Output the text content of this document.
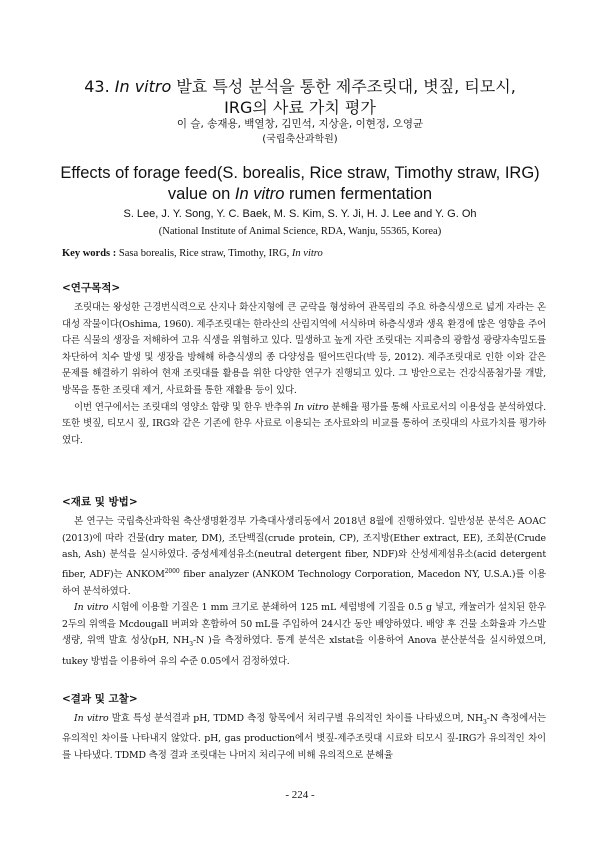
43. In vitro 발효 특성 분석을 통한 제주조릿대, 볏짚, 티모시,
IRG의 사료 가치 평가
이 슬, 송재용, 백열창, 김민석, 지상윤, 이현정, 오영균
(국립축산과학원)
Effects of forage feed(S. borealis, Rice straw, Timothy straw, IRG)
value on In vitro rumen fermentation
S. Lee, J. Y. Song, Y. C. Baek, M. S. Kim, S. Y. Ji, H. J. Lee and Y. G. Oh
(National Institute of Animal Science, RDA, Wanju, 55365, Korea)
Key words : Sasa borealis, Rice straw, Timothy, IRG, In vitro
<연구목적>

조릿대는 왕성한 근경번식력으로 산지나 화산지형에 큰 군락을 형성하여 관목림의 주요 하층식생으로 넓게 자라는 온대성 작물이다(Oshima, 1960). 제주조릿대는 한라산의 산림지역에 서식하며 하층식생과 생육 환경에 많은 영향을 주어 다른 식물의 생장을 저해하여 고유 식생을 위협하고 있다. 밀생하고 높게 자란 조릿대는 지피층의 광합성 광량자속밀도를 차단하여 치수 발생 및 생장을 방해해 하층식생의 종 다양성을 떨어뜨린다(박 등, 2012). 제주조릿대로 인한 이와 같은 문제를 해결하기 위하여 현재 조릿대를 활용을 위한 다양한 연구가 진행되고 있다. 그 방안으로는 건강식품첨가물 개발, 방목을 통한 조릿대 제거, 사료화를 통한 재활용 등이 있다.

이번 연구에서는 조릿대의 영양소 함량 및 한우 반추위 In vitro 분해율 평가를 통해 사료로서의 이용성을 분석하였다. 또한 볏짚, 티모시 짚, IRG와 같은 기존에 한우 사료로 이용되는 조사료와의 비교를 통하여 조릿대의 사료가치를 평가하였다.

<재료 및 방법>

본 연구는 국립축산과학원 축산생명환경부 가축대사생리동에서 2018년 8월에 진행하였다. 일반성분 분석은 AOAC (2013)에 따라 건물(dry mater, DM), 조단백질(crude protein, CP), 조지방(Ether extract, EE), 조회분(Crude ash, Ash) 분석을 실시하였다. 중성세제섬유소(neutral detergent fiber, NDF)와 산성세제섬유소(acid detergent fiber, ADF)는 $ANKOM^{2000}$ fiber analyzer (ANKOM Technology Corporation, Macedon NY, U.S.A.)를 이용하여 분석하였다.

In vitro 시험에 이용할 기질은 1 mm 크기로 분쇄하여 125 mL 세럼병에 기질을 0.5 g 넣고, 캐뉼러가 설치된 한우 2두의 위액을 Mcdougall 버퍼와 혼합하여 50 mL를 주입하여 24시간 동안 배양하였다. 배양 후 건물 소화율과 가스발생량, 위액 발효 성상(pH, $NH_3-N$ )을 측정하였다. 통계 분석은 xlstat을 이용하여 Anova 분산분석을 실시하였으며, tukey 방법을 이용하여 유의 수준 0.05에서 검정하였다.

<결과 및 고찰>

In vitro 발효 특성 분석결과 pH, TDMD 측정 항목에서 처리구별 유의적인 차이를 나타냈으며, $NH_3-N$ 측정에서는 유의적인 차이를 나타내지 않았다. pH, gas production에서 볏짚-제주조릿대 시료와 티모시 짚-IRG가 유의적인 차이를 나타냈다. TDMD 측정 결과 조릿대는 나머지 처리구에 비해 유의적으로 분해율

- 224 -
